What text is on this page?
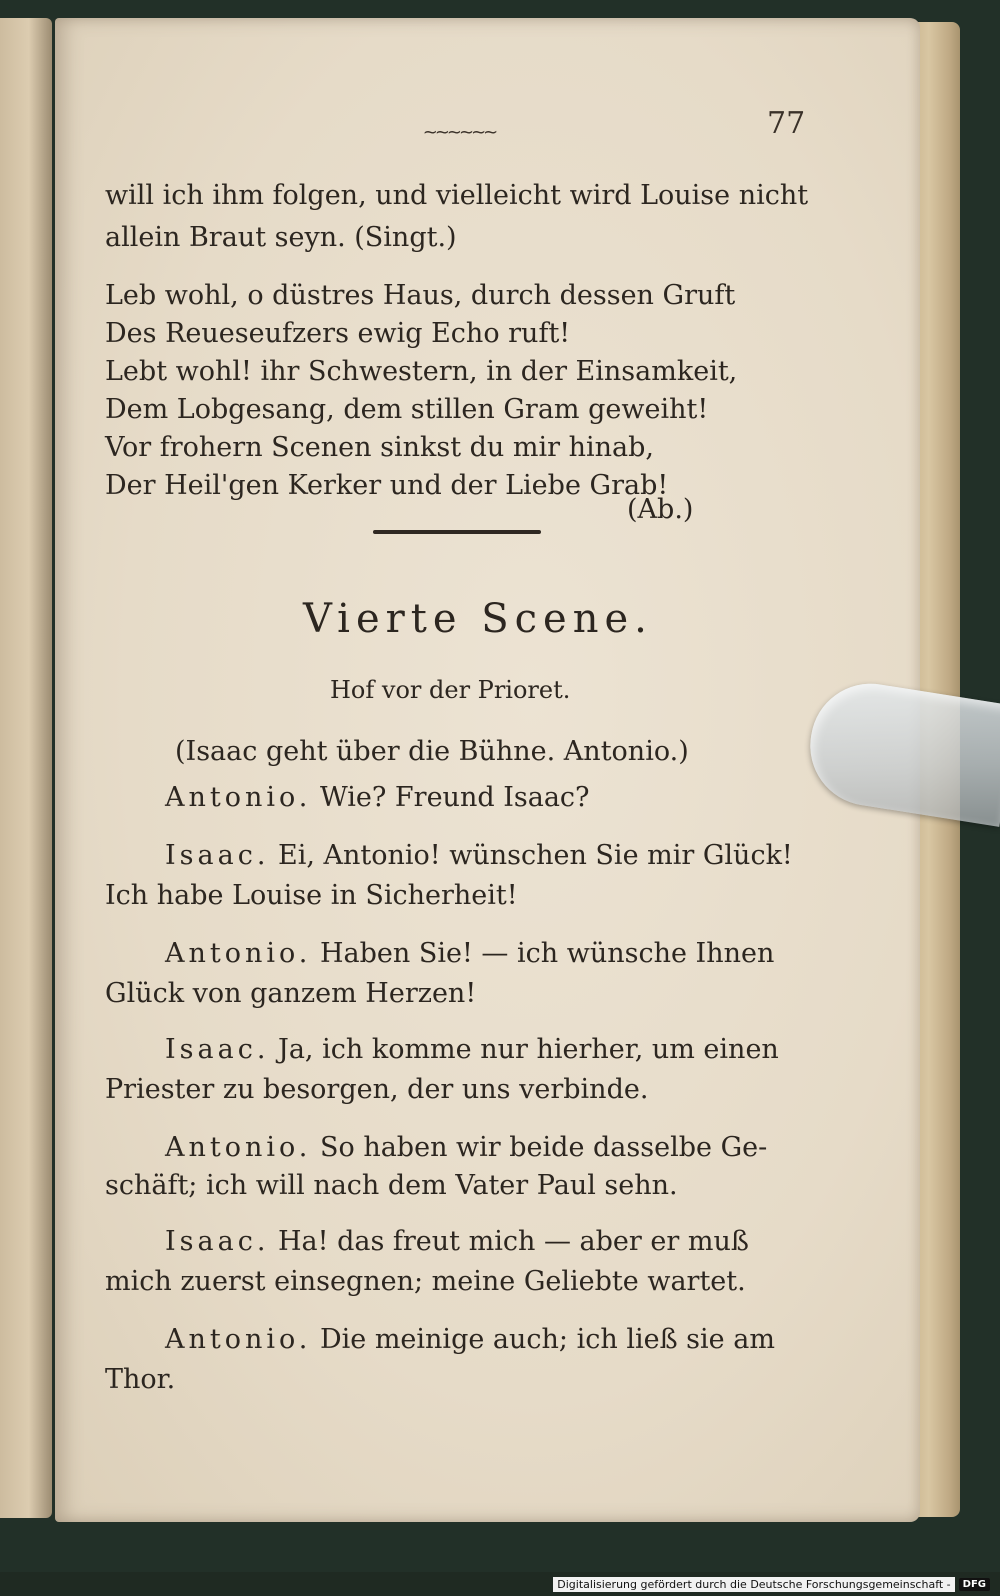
~~~~~~	77
will ich ihm folgen, und vielleicht wird Louise nicht
allein Braut seyn. (Singt.)
Leb wohl, o düstres Haus, durch dessen Gruft
Des Reueseufzers ewig Echo ruft!
Lebt wohl! ihr Schwestern, in der Einsamkeit,
Dem Lobgesang, dem stillen Gram geweiht!
Vor frohern Scenen sinkst du mir hinab,
Der Heil'gen Kerker und der Liebe Grab!
(Ab.)
Vierte Scene.
Hof vor der Prioret.
(Isaac geht über die Bühne. Antonio.)
Antonio. Wie? Freund Isaac?
Isaac. Ei, Antonio! wünschen Sie mir Glück!
Ich habe Louise in Sicherheit!
Antonio. Haben Sie! — ich wünsche Ihnen
Glück von ganzem Herzen!
Isaac. Ja, ich komme nur hierher, um einen
Priester zu besorgen, der uns verbinde.
Antonio. So haben wir beide dasselbe Ge-
schäft; ich will nach dem Vater Paul sehn.
Isaac. Ha! das freut mich — aber er muß
mich zuerst einsegnen; meine Geliebte wartet.
Antonio. Die meinige auch; ich ließ sie am
Thor.
Digitalisierung gefördert durch die Deutsche Forschungsgemeinschaft -	DFG
